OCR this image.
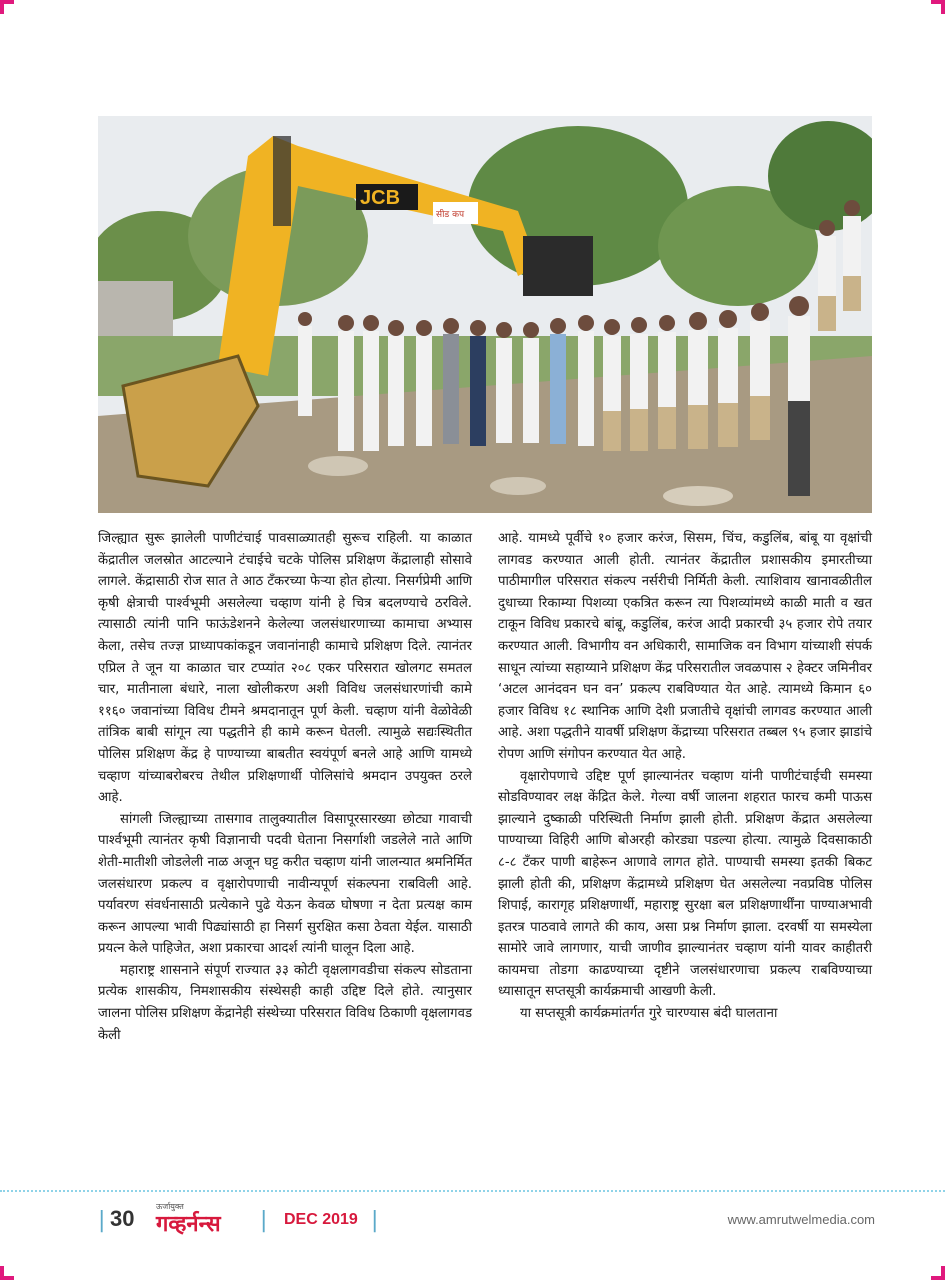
JCB
सीड कप

जिल्ह्यात सुरू झालेली पाणीटंचाई पावसाळ्यातही सुरूच राहिली. या काळात केंद्रातील जलस्रोत आटल्याने टंचाईचे चटके पोलिस प्रशिक्षण केंद्रालाही सोसावे लागले. केंद्रासाठी रोज सात ते आठ टँकरच्या फेऱ्या होत होत्या. निसर्गप्रेमी आणि कृषी क्षेत्राची पार्श्वभूमी असलेल्या चव्हाण यांनी हे चित्र बदलण्याचे ठरविले. त्यासाठी त्यांनी पानि फाऊंडेशनने केलेल्या जलसंधारणाच्या कामाचा अभ्यास केला, तसेच तज्ज्ञ प्राध्यापकांकडून जवानांनाही कामाचे प्रशिक्षण दिले. त्यानंतर एप्रिल ते जून या काळात चार टप्प्यांत २०८ एकर परिसरात खोलगट समतल चार, मातीनाला बंधारे, नाला खोलीकरण अशी विविध जलसंधारणांची कामे ११६० जवानांच्या विविध टीमने श्रमदानातून पूर्ण केली. चव्हाण यांनी वेळोवेळी तांत्रिक बाबी सांगून त्या पद्धतीने ही कामे करून घेतली. त्यामुळे सद्यःस्थितीत पोलिस प्रशिक्षण केंद्र हे पाण्याच्या बाबतीत स्वयंपूर्ण बनले आहे आणि यामध्ये चव्हाण यांच्याबरोबरच तेथील प्रशिक्षणार्थी पोलिसांचे श्रमदान उपयुक्त ठरले आहे.

सांगली जिल्ह्याच्या तासगाव तालुक्यातील विसापूरसारख्या छोट्या गावाची पार्श्वभूमी त्यानंतर कृषी विज्ञानाची पदवी घेताना निसर्गाशी जडलेले नाते आणि शेती-मातीशी जोडलेली नाळ अजून घट्ट करीत चव्हाण यांनी जालन्यात श्रमनिर्मित जलसंधारण प्रकल्प व वृक्षारोपणाची नावीन्यपूर्ण संकल्पना राबविली आहे. पर्यावरण संवर्धनासाठी प्रत्येकाने पुढे येऊन केवळ घोषणा न देता प्रत्यक्ष काम करून आपल्या भावी पिढ्यांसाठी हा निसर्ग सुरक्षित कसा ठेवता येईल. यासाठी प्रयत्न केले पाहिजेत, अशा प्रकारचा आदर्श त्यांनी घालून दिला आहे.

महाराष्ट्र शासनाने संपूर्ण राज्यात ३३ कोटी वृक्षलागवडीचा संकल्प सोडताना प्रत्येक शासकीय, निमशासकीय संस्थेसही काही उद्दिष्ट दिले होते. त्यानुसार जालना पोलिस प्रशिक्षण केंद्रानेही संस्थेच्या परिसरात विविध ठिकाणी वृक्षलागवड केली

आहे. यामध्ये पूर्वीचे १० हजार करंज, सिसम, चिंच, कडुलिंब, बांबू या वृक्षांची लागवड करण्यात आली होती. त्यानंतर केंद्रातील प्रशासकीय इमारतीच्या पाठीमागील परिसरात संकल्प नर्सरीची निर्मिती केली. त्याशिवाय खानावळीतील दुधाच्या रिकाम्या पिशव्या एकत्रित करून त्या पिशव्यांमध्ये काळी माती व खत टाकून विविध प्रकारचे बांबू, कडुलिंब, करंज आदी प्रकारची ३५ हजार रोपे तयार करण्यात आली. विभागीय वन अधिकारी, सामाजिक वन विभाग यांच्याशी संपर्क साधून त्यांच्या सहाय्याने प्रशिक्षण केंद्र परिसरातील जवळपास २ हेक्टर जमिनीवर ‘अटल आनंदवन घन वन’ प्रकल्प राबविण्यात येत आहे. त्यामध्ये किमान ६० हजार विविध १८ स्थानिक आणि देशी प्रजातीचे वृक्षांची लागवड करण्यात आली आहे. अशा पद्धतीने यावर्षी प्रशिक्षण केंद्राच्या परिसरात तब्बल ९५ हजार झाडांचे रोपण आणि संगोपन करण्यात येत आहे.

वृक्षारोपणाचे उद्दिष्ट पूर्ण झाल्यानंतर चव्हाण यांनी पाणीटंचाईची समस्या सोडविण्यावर लक्ष केंद्रित केले. गेल्या वर्षी जालना शहरात फारच कमी पाऊस झाल्याने दुष्काळी परिस्थिती निर्माण झाली होती. प्रशिक्षण केंद्रात असलेल्या पाण्याच्या विहिरी आणि बोअरही कोरड्या पडल्या होत्या. त्यामुळे दिवसाकाठी ८-८ टँकर पाणी बाहेरून आणावे लागत होते. पाण्याची समस्या इतकी बिकट झाली होती की, प्रशिक्षण केंद्रामध्ये प्रशिक्षण घेत असलेल्या नवप्रविष्ठ पोलिस शिपाई, कारागृह प्रशिक्षणार्थी, महाराष्ट्र सुरक्षा बल प्रशिक्षणार्थींना पाण्याअभावी इतरत्र पाठवावे लागते की काय, असा प्रश्न निर्माण झाला. दरवर्षी या समस्येला सामोरे जावे लागणार, याची जाणीव झाल्यानंतर चव्हाण यांनी यावर काहीतरी कायमचा तोडगा काढण्याच्या दृष्टीने जलसंधारणाचा प्रकल्प राबविण्याच्या ध्यासातून सप्तसूत्री कार्यक्रमाची आखणी केली.

या सप्तसूत्री कार्यक्रमांतर्गत गुरे चारण्यास बंदी घालताना

| 30	ऊर्जायुक्त
गव्हर्नन्स | DEC 2019 |	www.amrutwelmedia.com
